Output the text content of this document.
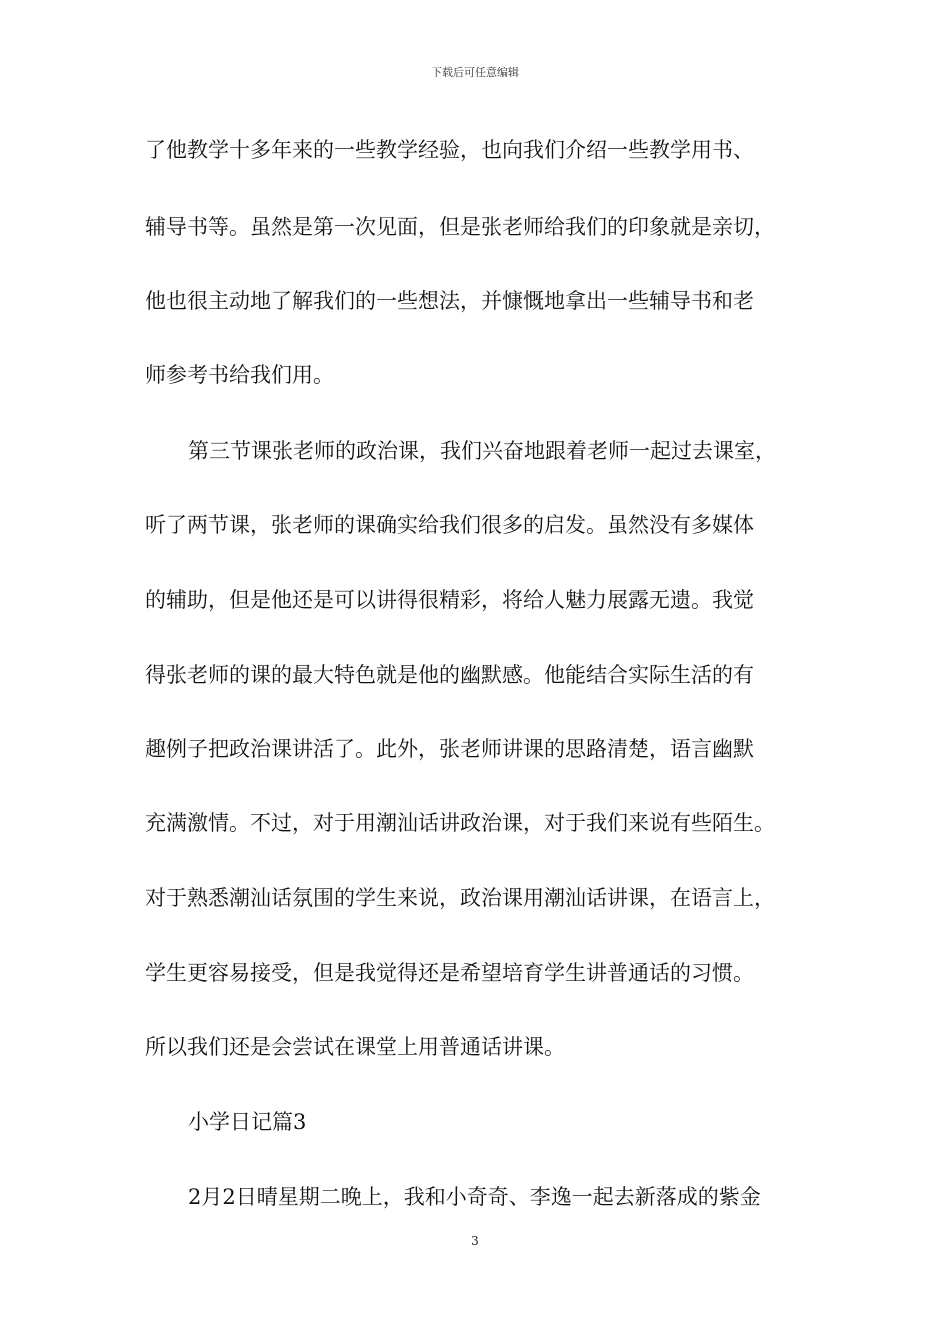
下载后可任意编辑
了他教学十多年来的一些教学经验，也向我们介绍一些教学用书、
辅导书等。虽然是第一次见面，但是张老师给我们的印象就是亲切，
他也很主动地了解我们的一些想法，并慷慨地拿出一些辅导书和老
师参考书给我们用。
第三节课张老师的政治课，我们兴奋地跟着老师一起过去课室，
听了两节课，张老师的课确实给我们很多的启发。虽然没有多媒体
的辅助，但是他还是可以讲得很精彩，将给人魅力展露无遗。我觉
得张老师的课的最大特色就是他的幽默感。他能结合实际生活的有
趣例子把政治课讲活了。此外，张老师讲课的思路清楚，语言幽默
充满激情。不过，对于用潮汕话讲政治课，对于我们来说有些陌生。
对于熟悉潮汕话氛围的学生来说，政治课用潮汕话讲课，在语言上，
学生更容易接受，但是我觉得还是希望培育学生讲普通话的习惯。
所以我们还是会尝试在课堂上用普通话讲课。
小学日记篇3
2月2日晴星期二晚上，我和小奇奇、李逸一起去新落成的紫金
3
